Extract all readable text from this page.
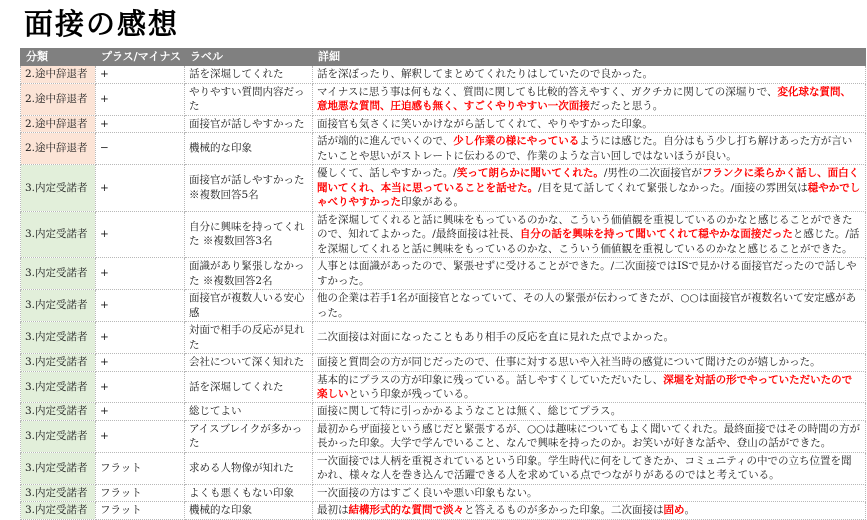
面接の感想
分類	プラス/マイナス	ラベル	詳細
2.途中辞退者	+	話を深堀してくれた	話を深ぼったり、解釈してまとめてくれたりはしていたので良かった。
2.途中辞退者	+	やりやすい質問内容だった	マイナスに思う事は何もなく、質問に関しても比較的答えやすく、ガクチカに関しての深堀りで、変化球な質問、意地悪な質問、圧迫感も無く、すごくやりやすい一次面接だったと思う。
2.途中辞退者	+	面接官が話しやすかった	面接官も気さくに笑いかけながら話してくれて、やりやすかった印象。
2.途中辞退者	−	機械的な印象	話が端的に進んでいくので、少し作業の様にやっているようには感じた。自分はもう少し打ち解けあった方が言いたいことや思いがストレートに伝わるので、作業のような言い回しではないほうが良い。
3.内定受諾者	+	面接官が話しやすかった ※複数回答5名	優しくて、話しやすかった。/笑って朗らかに聞いてくれた。/男性の二次面接官がフランクに柔らかく話し、面白く聞いてくれ、本当に思っていることを話せた。/目を見て話してくれて緊張しなかった。/面接の雰囲気は穏やかでしゃべりやすかった印象がある。
3.内定受諾者	+	自分に興味を持ってくれた ※複数回答3名	話を深堀してくれると話に興味をもっているのかな、こういう価値観を重視しているのかなと感じることができたので、知れてよかった。/最終面接は社長、自分の話を興味を持って聞いてくれて穏やかな面接だったと感じた。/話を深堀してくれると話に興味をもっているのかな、こういう価値観を重視しているのかなと感じることができた。
3.内定受諾者	+	面識があり緊張しなかった ※複数回答2名	人事とは面識があったので、緊張せずに受けることができた。/二次面接ではISで見かける面接官だったので話しやすかった。
3.内定受諾者	+	面接官が複数人いる安心感	他の企業は若手1名が面接官となっていて、その人の緊張が伝わってきたが、○○は面接官が複数名いて安定感があった。
3.内定受諾者	+	対面で相手の反応が見れた	二次面接は対面になったこともあり相手の反応を直に見れた点でよかった。
3.内定受諾者	+	会社について深く知れた	面接と質問会の方が同じだったので、仕事に対する思いや入社当時の感覚について聞けたのが嬉しかった。
3.内定受諾者	+	話を深堀してくれた	基本的にプラスの方が印象に残っている。話しやすくしていただいたし、深堀を対話の形でやっていただいたので楽しいという印象が残っている。
3.内定受諾者	+	総じてよい	面接に関して特に引っかかるようなことは無く、総じてプラス。
3.内定受諾者	+	アイスブレイクが多かった	最初からザ面接という感じだと緊張するが、○○は趣味についてもよく聞いてくれた。最終面接ではその時間の方が長かった印象。大学で学んでいること、なんで興味を持ったのか。お笑いが好きな話や、登山の話ができた。
3.内定受諾者	フラット	求める人物像が知れた	一次面接では人柄を重視されているという印象。学生時代に何をしてきたか、コミュニティの中での立ち位置を聞かれ、様々な人を巻き込んで活躍できる人を求めている点でつながりがあるのではと考えている。
3.内定受諾者	フラット	よくも悪くもない印象	一次面接の方はすごく良いや悪い印象もない。
3.内定受諾者	フラット	機械的な印象	最初は結構形式的な質問で淡々と答えるものが多かった印象。二次面接は固め。
